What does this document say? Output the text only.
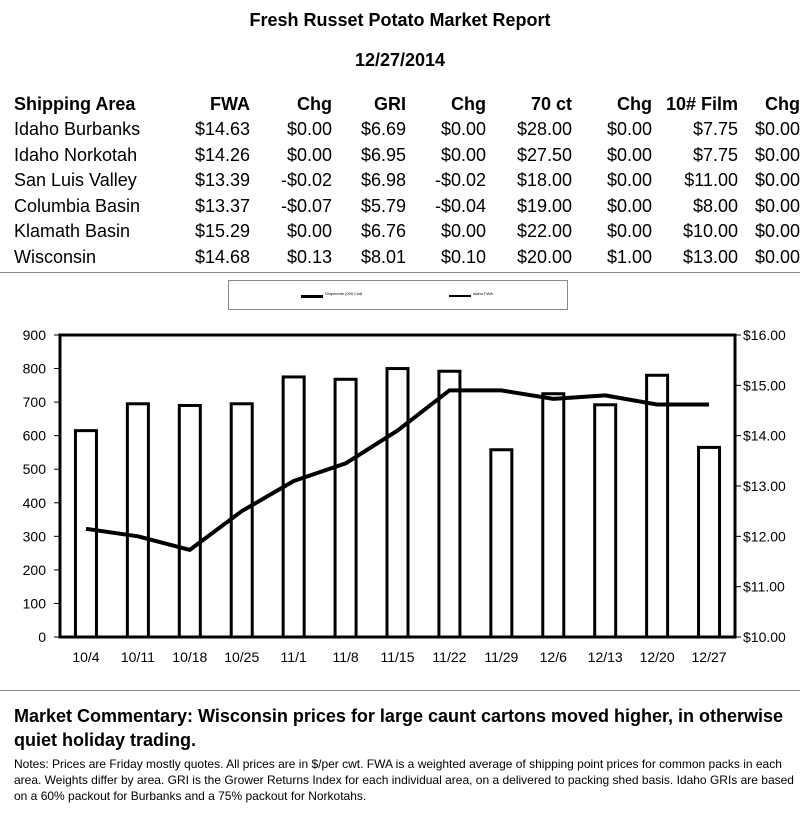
Fresh Russet Potato Market Report
12/27/2014
Shipping Area	FWA	Chg	GRI	Chg	70 ct	Chg	10# Film	Chg
Idaho Burbanks	$14.63	$0.00	$6.69	$0.00	$28.00	$0.00	$7.75	$0.00
Idaho Norkotah	$14.26	$0.00	$6.95	$0.00	$27.50	$0.00	$7.75	$0.00
San Luis Valley	$13.39	-$0.02	$6.98	-$0.02	$18.00	$0.00	$11.00	$0.00
Columbia Basin	$13.37	-$0.07	$5.79	-$0.04	$19.00	$0.00	$8.00	$0.00
Klamath Basin	$15.29	$0.00	$6.76	$0.00	$22.00	$0.00	$10.00	$0.00
Wisconsin	$14.68	$0.13	$8.01	$0.10	$20.00	$1.00	$13.00	$0.00
Shipments (000 Cwt)	Idaho FWA
0
100
200
300
400
500
600
700
800
900
$10.00
$11.00
$12.00
$13.00
$14.00
$15.00
$16.00
10/4 10/11 10/18 10/25 11/1 11/8 11/15 11/22 11/29 12/6 12/13 12/20 12/27
Market Commentary: Wisconsin prices for large caunt cartons moved higher, in otherwise quiet holiday trading.
Notes: Prices are Friday mostly quotes. All prices are in $/per cwt. FWA is a weighted average of shipping point prices for common packs in each area. Weights differ by area. GRI is the Grower Returns Index for each individual area, on a delivered to packing shed basis. Idaho GRIs are based on a 60% packout for Burbanks and a 75% packout for Norkotahs.
